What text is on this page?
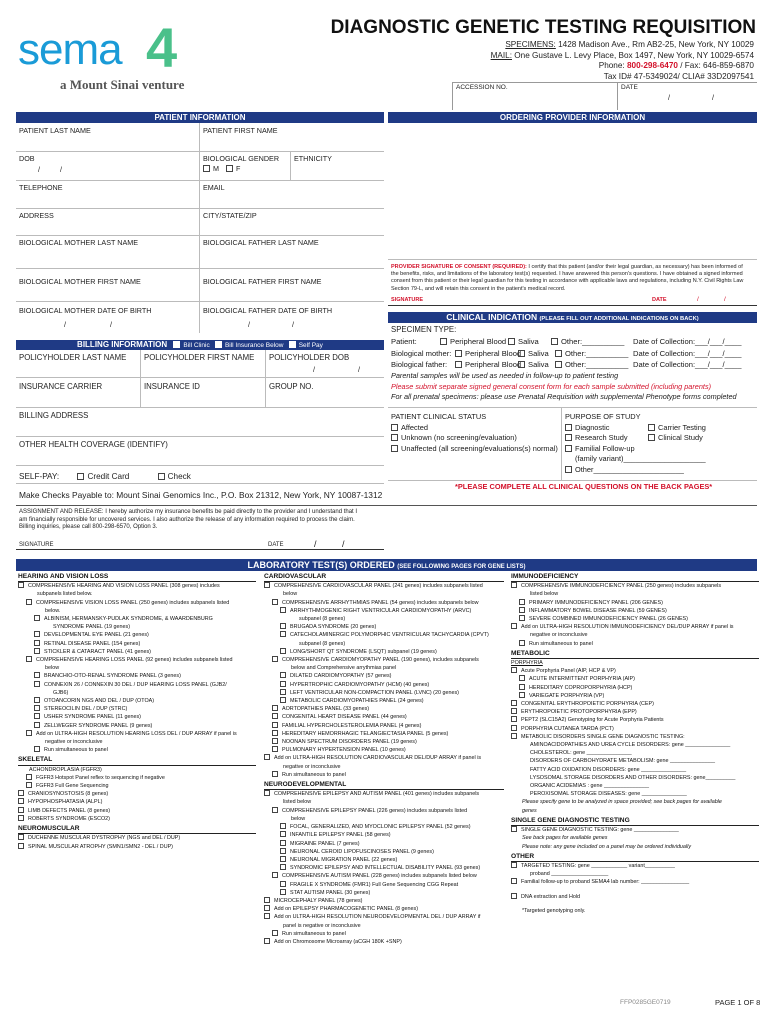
sema 4
a Mount Sinai venture
DIAGNOSTIC GENETIC TESTING REQUISITION
SPECIMENS: 1428 Madison Ave., Rm AB2-25, New York, NY 10029
MAIL: One Gustave L. Levy Place, Box 1497, New York, NY 10029-6574
Phone: 800-298-6470 / Fax: 646-859-6870
Tax ID# 47-5349024/ CLIA# 33D2097541
ACCESSION NO.	DATE
/	/
PATIENT INFORMATION	ORDERING PROVIDER INFORMATION
PATIENT LAST NAME	PATIENT FIRST NAME
DOB
/	/
BIOLOGICAL GENDER
M F
ETHNICITY
TELEPHONE	EMAIL
ADDRESS	CITY/STATE/ZIP
BIOLOGICAL MOTHER LAST NAME	BIOLOGICAL FATHER LAST NAME
BIOLOGICAL MOTHER FIRST NAME	BIOLOGICAL FATHER FIRST NAME
BIOLOGICAL MOTHER DATE OF BIRTH	BIOLOGICAL FATHER DATE OF BIRTH
/	/	/	/
BILLING INFORMATION Bill Clinic Bill Insurance Below Self Pay
POLICYHOLDER LAST NAME POLICYHOLDER FIRST NAME POLICYHOLDER DOB
/	/
INSURANCE CARRIER	INSURANCE ID	GROUP NO.
BILLING ADDRESS
OTHER HEALTH COVERAGE (IDENTIFY)
SELF-PAY:	Credit Card	Check
Make Checks Payable to: Mount Sinai Genomics Inc., P.O. Box 21312, New York, NY 10087-1312
ASSIGNMENT AND RELEASE: I hereby authorize my insurance benefits be paid directly to the provider and I understand that I
am financially responsible for uncovered services. I also authorize the release of any information required to process the claim.
Billing inquiries, please call 800-298-6570, Option 3.
SIGNATURE	DATE	/	/
PROVIDER SIGNATURE OF CONSENT (REQUIRED): I certify that this patient (and/or their legal guardian, as necessary) has been informed of
the benefits, risks, and limitations of the laboratory test(s) requested. I have answered this person's questions. I have obtained a signed informed
consent from this patient or their legal guardian for this testing in accordance with applicable laws and regulations, including N.Y. Civil Rights Law
Section 79-L, and will retain this consent in the patient's medical record.
SIGNATURE	DATE	/	/
CLINICAL INDICATION (PLEASE FILL OUT ADDITIONAL INDICATIONS ON BACK)
SPECIMEN TYPE:
Patient:	Peripheral Blood	Saliva	Other:__________ Date of Collection:___/___/____
Biological mother:	Peripheral Blood Saliva	Other:__________ Date of Collection:___/___/____
Biological father:	Peripheral Blood Saliva	Other:__________ Date of Collection:___/___/____
Parental samples will be used as needed in follow-up to patient testing
Please submit separate signed general consent form for each sample submitted (including parents)
For all prenatal specimens: please use Prenatal Requisition with supplemental Phenotype forms completed
PATIENT CLINICAL STATUS
Affected
Unknown (no screening/evaluation)
Unaffected (all screening/evaluations(s) normal)
PURPOSE OF STUDY
Diagnostic	Carrier Testing
Research Study	Clinical Study
Familial Follow-up
(family variant)____________________
Other______________________
*PLEASE COMPLETE ALL CLINICAL QUESTIONS ON THE BACK PAGES*
LABORATORY TEST(S) ORDERED (SEE FOLLOWING PAGES FOR GENE LISTS)
HEARING AND VISION LOSS
COMPREHENSIVE HEARING AND VISION LOSS PANEL (308 genes) includes
subpanels listed below.
COMPREHENSIVE VISION LOSS PANEL (250 genes) includes subpanels listed
below.
ALBINISM, HERMANSKY-PUDLAK SYNDROME, & WAARDENBURG
SYNDROME PANEL (19 genes)
DEVELOPMENTAL EYE PANEL (21 genes)
RETINAL DISEASE PANEL (154 genes)
STICKLER & CATARACT PANEL (41 genes)
COMPREHENSIVE HEARING LOSS PANEL (92 genes) includes subpanels listed
below
BRANCHIO-OTO-RENAL SYNDROME PANEL (3 genes)
CONNEXIN 26 / CONNEXIN 30 DEL / DUP HEARING LOSS PANEL (GJB2/
GJB6)
OTOANCORIN NGS AND DEL / DUP (OTOA)
STEREOCILIN DEL / DUP (STRC)
USHER SYNDROME PANEL (11 genes)
ZELLWEGER SYNDROME PANEL (9 genes)
Add on ULTRA-HIGH RESOLUTION HEARING LOSS DEL / DUP ARRAY if panel is
negative or inconclusive
Run simultaneous to panel
SKELETAL
ACHONDROPLASIA (FGFR3)
FGFR3 Hotspot Panel reflex to sequencing if negative
FGFR3 Full Gene Sequencing
CRANIOSYNOSTOSIS (8 genes)
HYPOPHOSPHATASIA (ALPL)
LIMB DEFECTS PANEL (8 genes)
ROBERTS SYNDROME (ESCO2)
NEUROMUSCULAR
DUCHENNE MUSCULAR DYSTROPHY (NGS and DEL / DUP)
SPINAL MUSCULAR ATROPHY (SMN1/SMN2 - DEL / DUP)
CARDIOVASCULAR
COMPREHENSIVE CARDIOVASCULAR PANEL (241 genes) includes subpanels listed
below
COMPREHENSIVE ARRHYTHMIAS PANEL (54 genes) includes subpanels below
ARRHYTHMOGENIC RIGHT VENTRICULAR CARDIOMYOPATHY (ARVC)
subpanel (8 genes)
BRUGADA SYNDROME (20 genes)
CATECHOLAMINERGIC POLYMORPHIC VENTRICULAR TACHYCARDIA (CPVT)
subpanel (8 genes)
LONG/SHORT QT SYNDROME (LSQT) subpanel (19 genes)
COMPREHENSIVE CARDIOMYOPATHY PANEL (190 genes), includes subpanels
below and Comprehensive arrythmias panel
DILATED CARDIOMYOPATHY (57 genes)
HYPERTROPHIC CARDIOMYOPATHY (HCM) (40 genes)
LEFT VENTRICULAR NON-COMPACTION PANEL (LVNC) (20 genes)
METABOLIC CARDIOMYOPATHIES PANEL (24 genes)
AORTOPATHIES PANEL (33 genes)
CONGENITAL HEART DISEASE PANEL (44 genes)
FAMILIAL HYPERCHOLESTEROLEMIA PANEL (4 genes)
HEREDITARY HEMORRHAGIC TELANGIECTASIA PANEL (5 genes)
NOONAN SPECTRUM DISORDERS PANEL (19 genes)
PULMONARY HYPERTENSION PANEL (10 genes)
Add on ULTRA-HIGH RESOLUTION CARDIOVASCULAR DEL/DUP ARRAY if panel is
negative or inconclusive
Run simultaneous to panel
NEURODEVELOPMENTAL
COMPREHENSIVE EPILEPSY AND AUTISM PANEL (401 genes) includes subpanels
listed below
COMPREHENSIVE EPILEPSY PANEL (226 genes) includes subpanels listed
below
FOCAL, GENERALIZED, AND MYOCLONIC EPILEPSY PANEL (52 genes)
INFANTILE EPILEPSY PANEL (58 genes)
MIGRAINE PANEL (7 genes)
NEURONAL CEROID LIPOFUSCINOSES PANEL (9 genes)
NEURONAL MIGRATION PANEL (22 genes)
SYNDROMIC EPILEPSY AND INTELLECTUAL DISABILITY PANEL (93 genes)
COMPREHENSIVE AUTISM PANEL (228 genes) includes subpanels listed below
FRAGILE X SYNDROME (FMR1) Full Gene Sequencing CGG Repeat
STAT AUTISM PANEL (30 genes)
MICROCEPHALY PANEL (78 genes)
Add on EPILEPSY PHARMACOGENETIC PANEL (8 genes)
Add on ULTRA-HIGH RESOLUTION NEURODEVELOPMENTAL DEL / DUP ARRAY if
panel is negative or inconclusive
Run simultaneous to panel
Add on Chromosome Microarray (aCGH 180K +SNP)
IMMUNODEFICIENCY
COMPREHENSIVE IMMUNODEFICIENCY PANEL (250 genes) includes subpanels
listed below
PRIMARY IMMUNODEFICIENCY PANEL (206 GENES)
INFLAMMATORY BOWEL DISEASE PANEL (59 GENES)
SEVERE COMBINED IMMUNODEFICIENCY PANEL (26 GENES)
Add on ULTRA-HIGH RESOLUTION IMMUNODEFICIENCY DEL/DUP ARRAY if panel is
negative or inconclusive
Run simultaneous to panel
METABOLIC
PORPHYRIA
Acute Porphyria Panel (AIP, HCP & VP)
ACUTE INTERMITTENT PORPHYRIA (AIP)
HEREDITARY COPROPORPHYRIA (HCP)
VARIEGATE PORPHYRIA (VP)
CONGENITAL ERYTHROPOIETIC PORPHYRIA (CEP)
ERYTHROPOIETIC PROTOPORPHYRIA (EPP)
PEPT2 (SLC15A2) Genotyping for Acute Porphyria Patients
PORPHYRIA CUTANEA TARDA (PCT)
METABOLIC DISORDERS SINGLE GENE DIAGNOSTIC TESTING:
AMINOACIDOPATHIES AND UREA CYCLE DISORDERS: gene _______________
CHOLESTEROL: gene _______________
DISORDERS OF CARBOHYDRATE METABOLISM: gene _______________
FATTY ACID OXIDATION DISORDERS: gene _______________
LYSOSOMAL STORAGE DISORDERS AND OTHER DISORDERS: gene__________
ORGANIC ACIDEMIAS : gene _______________
PEROXISOMAL STORAGE DISEASES: gene _______________
Please specify gene to be analyzed in space provided; see back pages for available
genes
SINGLE GENE DIAGNOSTIC TESTING
SINGLE GENE DIAGNOSTIC TESTING: gene _______________
See back pages for available genes
Please note: any gene included on a panel may be ordered individually
OTHER
TARGETED TESTING: gene ____________ variant__________
proband ___________________
Familial follow-up to proband SEMA4 lab number: ________________
DNA extraction and Hold
*Targeted genotyping only.
FFP0285GE0719	PAGE 1 OF 8
